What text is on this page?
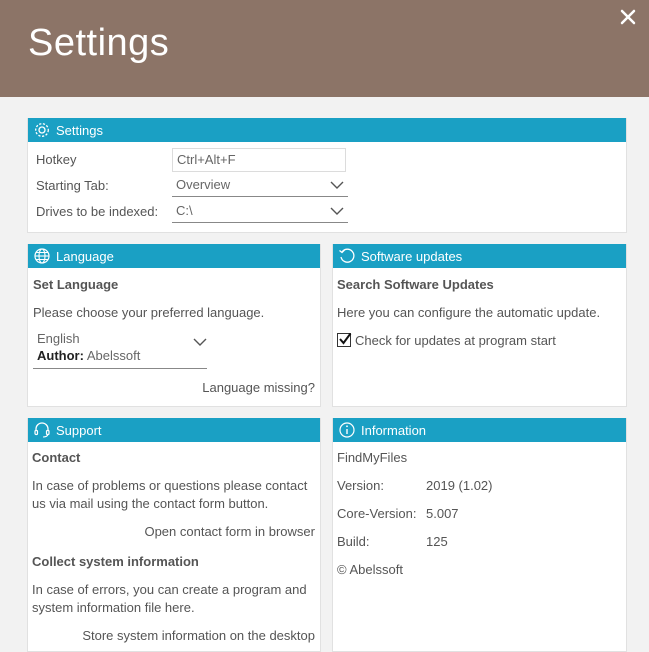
Settings
Settings
Hotkey	Ctrl+Alt+F
Starting Tab:	Overview
Drives to be indexed: C:\
Language
Set Language
Please choose your preferred language.
English
Author: Abelssoft
Language missing?
Software updates
Search Software Updates
Here you can configure the automatic update.
Check for updates at program start
Support
Contact
In case of problems or questions please contact
us via mail using the contact form button.
Open contact form in browser
Collect system information
In case of errors, you can create a program and
system information file here.
Store system information on the desktop
Information
FindMyFiles
Version:	2019 (1.02)
Core-Version: 5.007
Build:	125
© Abelssoft
